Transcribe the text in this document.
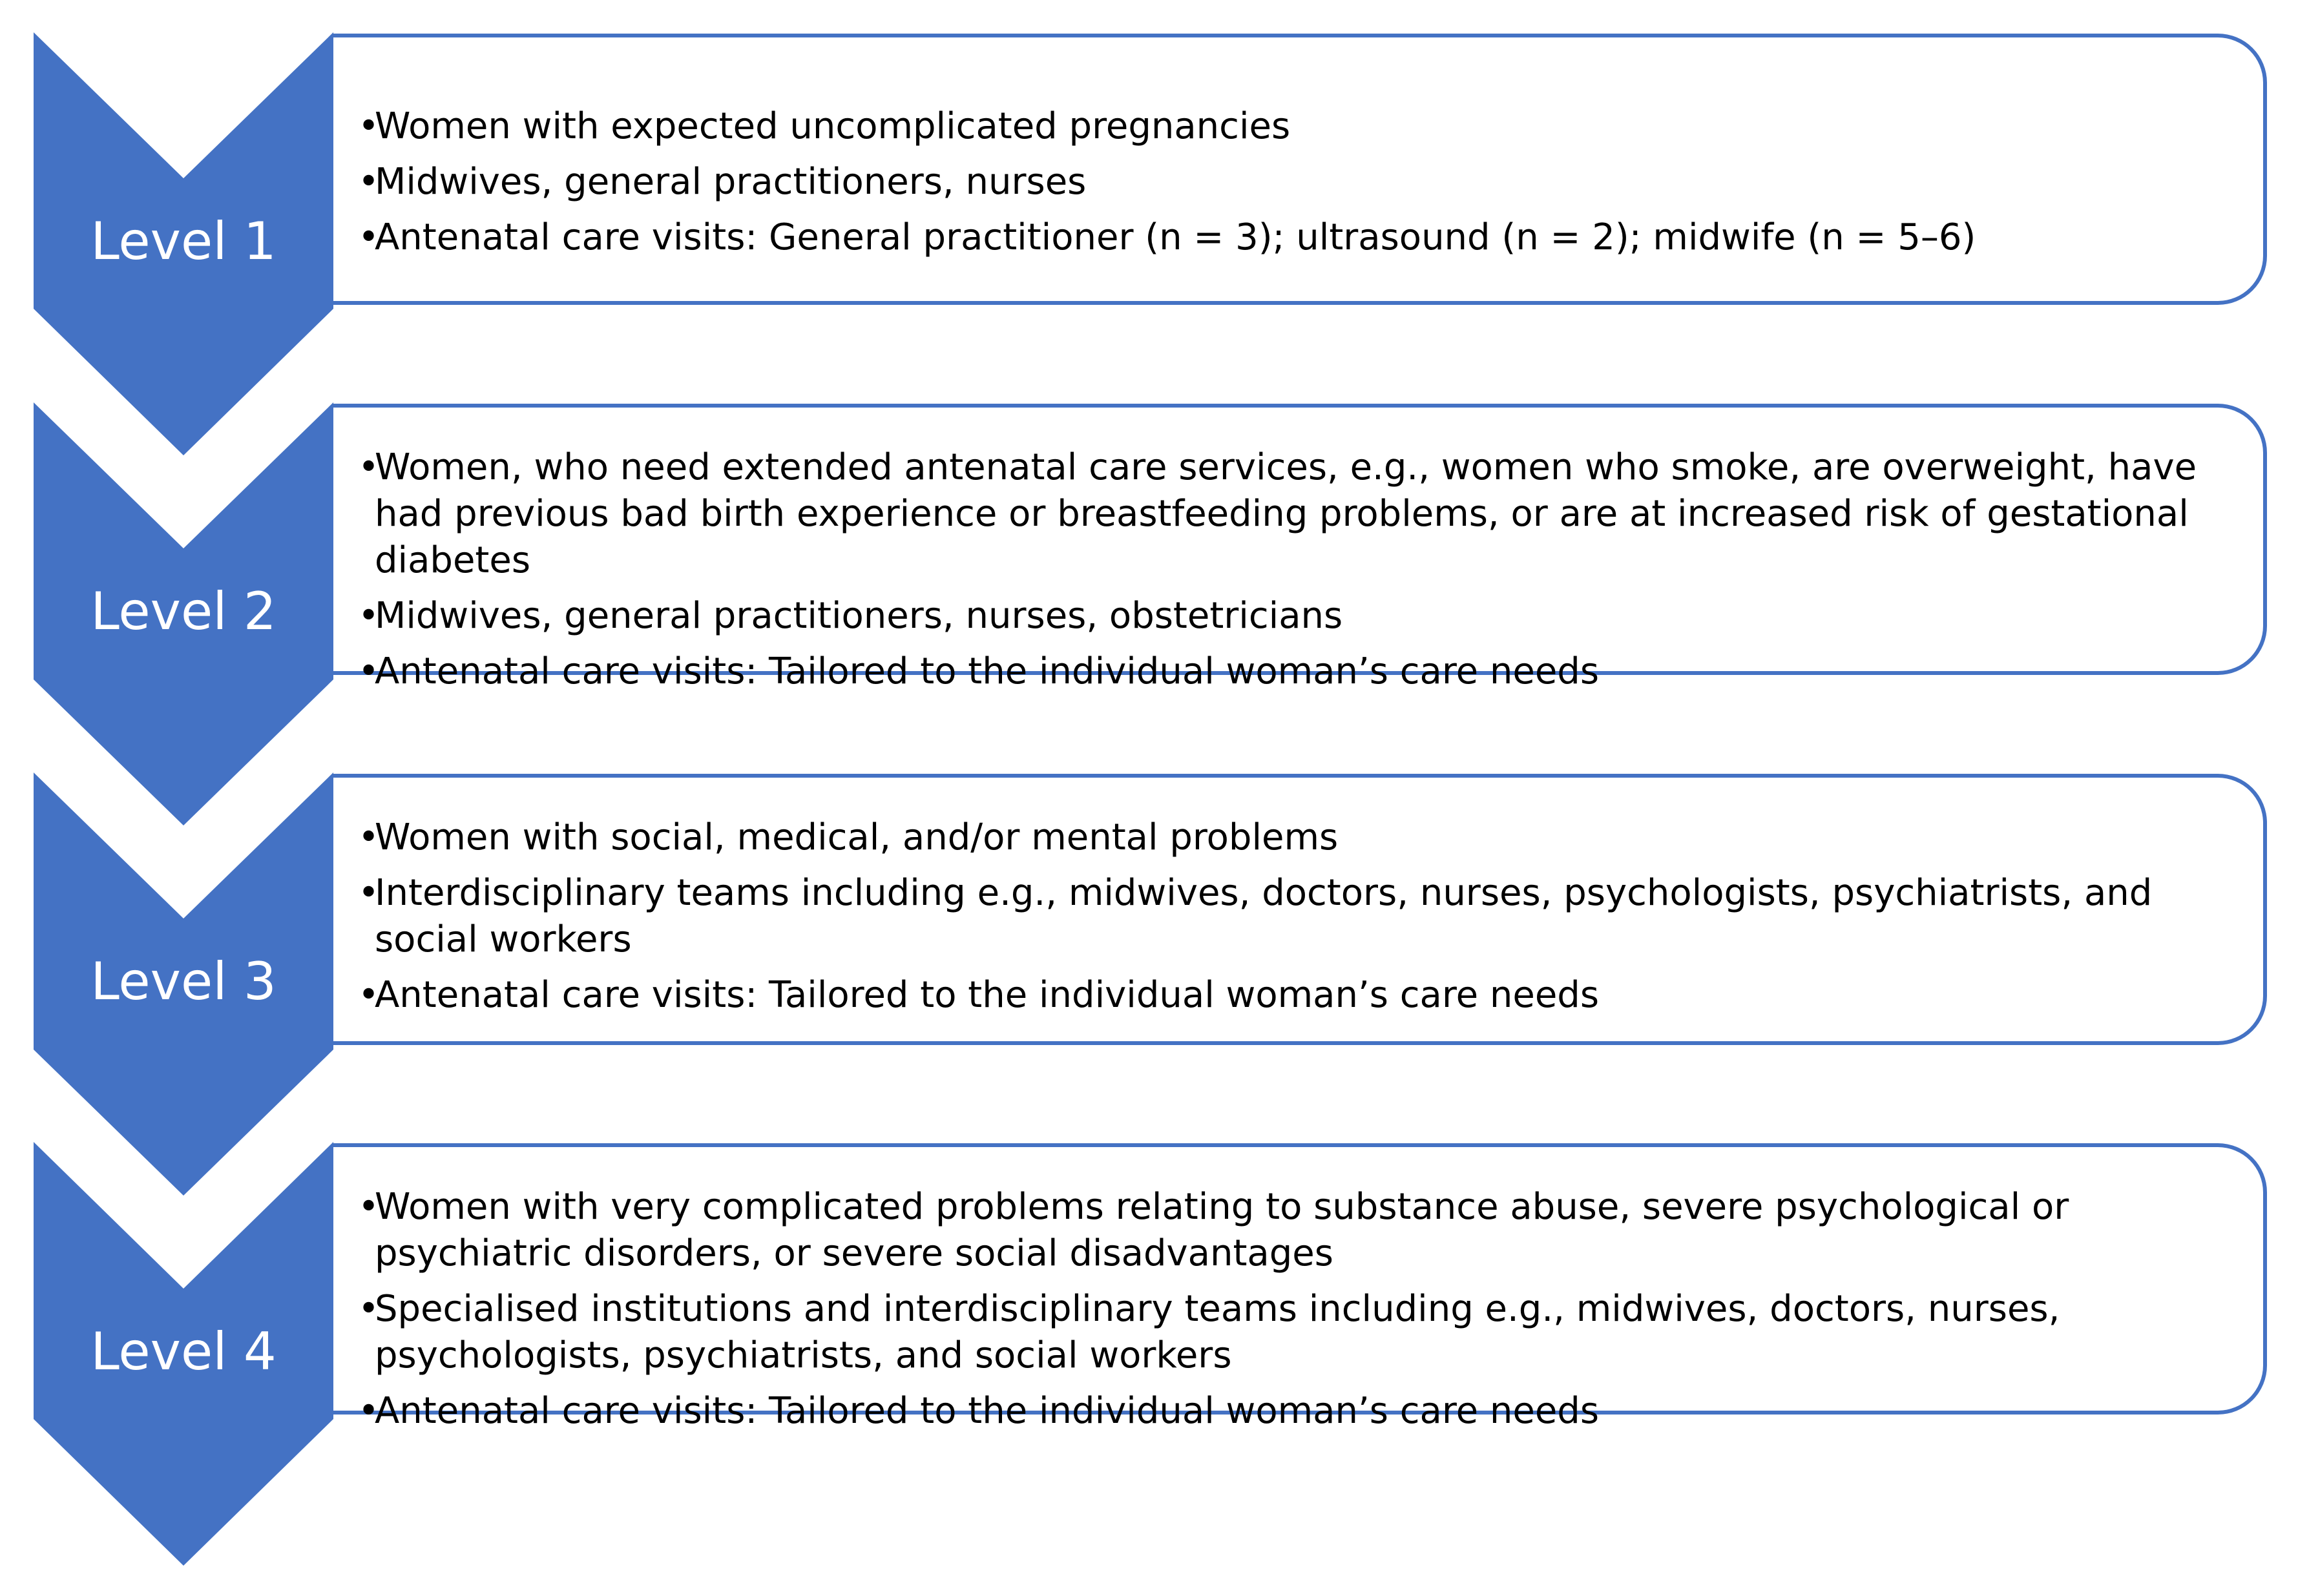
Level 1
• Women with expected uncomplicated pregnancies
• Midwives, general practitioners, nurses
• Antenatal care visits: General practitioner (n = 3); ultrasound (n = 2); midwife (n = 5–6)
Level 2
• Women, who need extended antenatal care services, e.g., women who smoke, are overweight, have had previous bad birth experience or breastfeeding problems, or are at increased risk of gestational diabetes
• Midwives, general practitioners, nurses, obstetricians
• Antenatal care visits: Tailored to the individual woman’s care needs
Level 3
• Women with social, medical, and/or mental problems
• Interdisciplinary teams including e.g., midwives, doctors, nurses, psychologists, psychiatrists, and social workers
• Antenatal care visits: Tailored to the individual woman’s care needs
Level 4
• Women with very complicated problems relating to substance abuse, severe psychological or psychiatric disorders, or severe social disadvantages
• Specialised institutions and interdisciplinary teams including e.g., midwives, doctors, nurses, psychologists, psychiatrists, and social workers
• Antenatal care visits: Tailored to the individual woman’s care needs
